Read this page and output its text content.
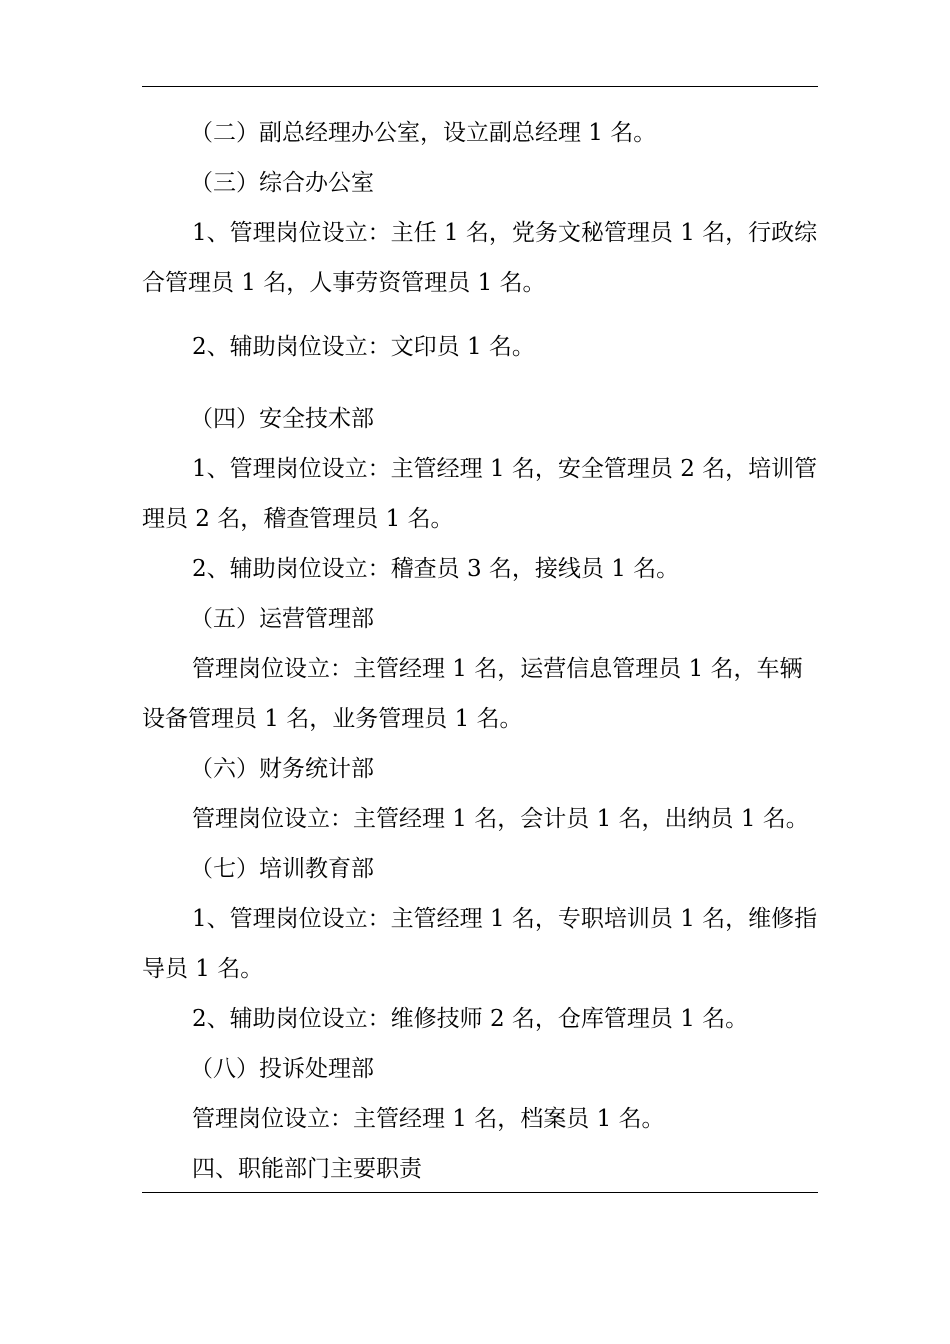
（二）副总经理办公室，设立副总经理 1 名。

（三）综合办公室

1、管理岗位设立：主任 1 名，党务文秘管理员 1 名，行政综合管理员 1 名，人事劳资管理员 1 名。

2、辅助岗位设立：文印员 1 名。

（四）安全技术部

1、管理岗位设立：主管经理 1 名，安全管理员 2 名，培训管理员 2 名，稽查管理员 1 名。

2、辅助岗位设立：稽查员 3 名，接线员 1 名。

（五）运营管理部

管理岗位设立：主管经理 1 名，运营信息管理员 1 名，车辆设备管理员 1 名，业务管理员 1 名。

（六）财务统计部

管理岗位设立：主管经理 1 名，会计员 1 名，出纳员 1 名。

（七）培训教育部

1、管理岗位设立：主管经理 1 名，专职培训员 1 名，维修指导员 1 名。

2、辅助岗位设立：维修技师 2 名，仓库管理员 1 名。

（八）投诉处理部

管理岗位设立：主管经理 1 名，档案员 1 名。

四、职能部门主要职责
